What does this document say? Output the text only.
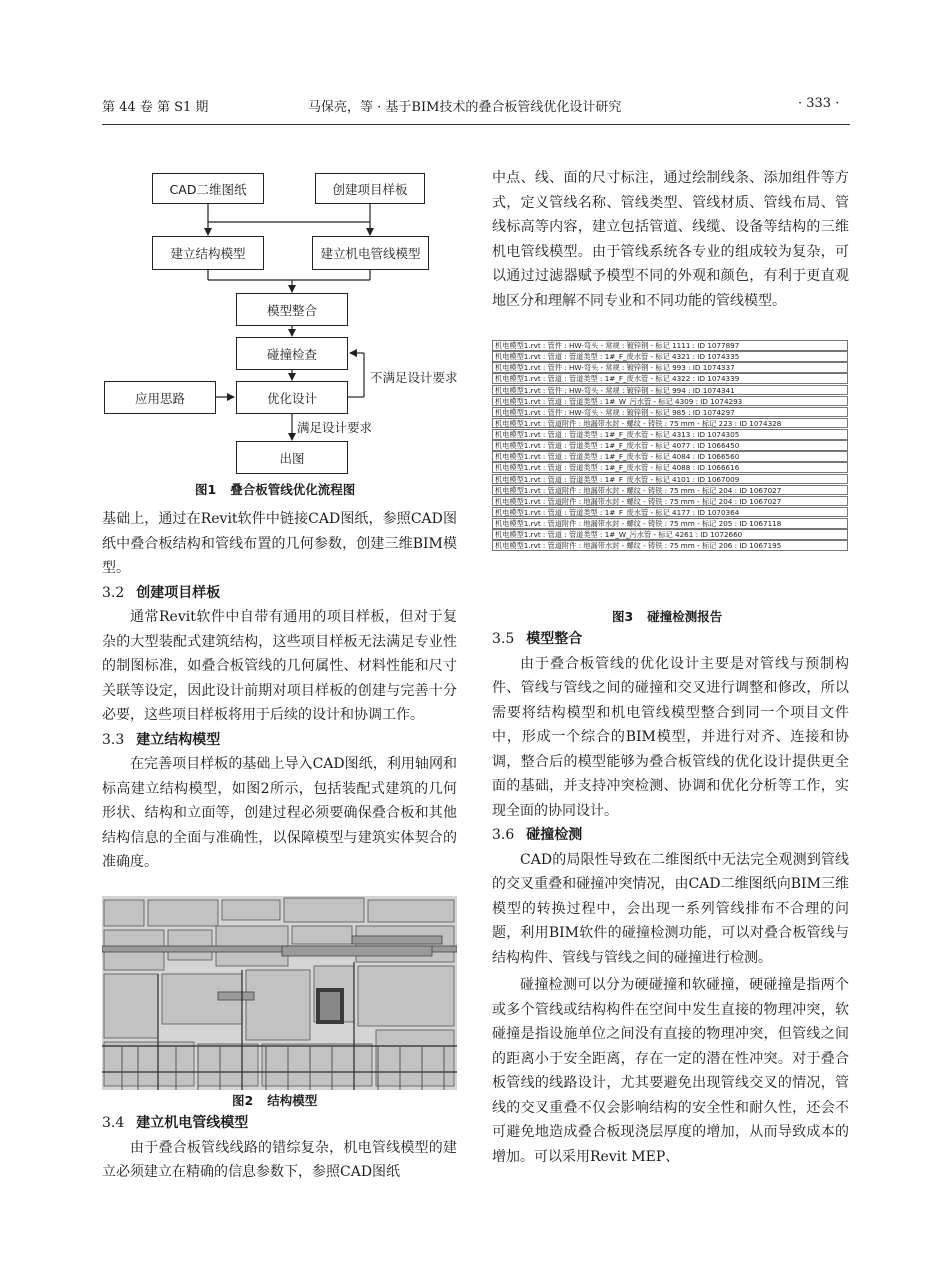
第 44 卷 第 S1 期	马保亮，等 · 基于BIM技术的叠合板管线优化设计研究	· 333 ·
CAD二维图纸	创建项目样板
建立结构模型	建立机电管线模型
模型整合
碰撞检查
优化设计
应用思路
出图
不满足设计要求
满足设计要求
图1 叠合板管线优化流程图

基础上，通过在Revit软件中链接CAD图纸，参照CAD图纸中叠合板结构和管线布置的几何参数，创建三维BIM模型。

3.2 创建项目样板

通常Revit软件中自带有通用的项目样板，但对于复杂的大型装配式建筑结构，这些项目样板无法满足专业性的制图标准，如叠合板管线的几何属性、材料性能和尺寸关联等设定，因此设计前期对项目样板的创建与完善十分必要，这些项目样板将用于后续的设计和协调工作。

3.3 建立结构模型

在完善项目样板的基础上导入CAD图纸，利用轴网和标高建立结构模型，如图2所示，包括装配式建筑的几何形状、结构和立面等，创建过程必须要确保叠合板和其他结构信息的全面与准确性，以保障模型与建筑实体契合的准确度。

图2 结构模型
3.4 建立机电管线模型

由于叠合板管线线路的错综复杂，机电管线模型的建立必须建立在精确的信息参数下，参照CAD图纸

中点、线、面的尺寸标注，通过绘制线条、添加组件等方式，定义管线名称、管线类型、管线材质、管线布局、管线标高等内容，建立包括管道、线缆、设备等结构的三维机电管线模型。由于管线系统各专业的组成较为复杂，可以通过过滤器赋予模型不同的外观和颜色，有利于更直观地区分和理解不同专业和不同功能的管线模型。

机电模型1.rvt : 管件 : HW-弯头 - 常规 : 镀锌钢 - 标记 1111 : ID 1077897
机电模型1.rvt : 管道 : 管道类型 : 1#_F_废水管 - 标记 4321 : ID 1074335
机电模型1.rvt : 管件 : HW-弯头 - 常规 : 镀锌钢 - 标记 993 : ID 1074337
机电模型1.rvt : 管道 : 管道类型 : 1#_F_废水管 - 标记 4322 : ID 1074339
机电模型1.rvt : 管件 : HW-弯头 - 常规 : 镀锌钢 - 标记 994 : ID 1074341
机电模型1.rvt : 管道 : 管道类型 : 1#_W_污水管 - 标记 4309 : ID 1074293
机电模型1.rvt : 管件 : HW-弯头 - 常规 : 镀锌钢 - 标记 985 : ID 1074297
机电模型1.rvt : 管道附件 : 地漏带水封 - 螺纹 - 铸铁 : 75 mm - 标记 223 : ID 1074328
机电模型1.rvt : 管道 : 管道类型 : 1#_F_废水管 - 标记 4313 : ID 1074305
机电模型1.rvt : 管道 : 管道类型 : 1#_F_废水管 - 标记 4077 : ID 1066450
机电模型1.rvt : 管道 : 管道类型 : 1#_F_废水管 - 标记 4084 : ID 1066560
机电模型1.rvt : 管道 : 管道类型 : 1#_F_废水管 - 标记 4088 : ID 1066616
机电模型1.rvt : 管道 : 管道类型 : 1#_F_废水管 - 标记 4101 : ID 1067009
机电模型1.rvt : 管道附件 : 地漏带水封 - 螺纹 - 铸铁 : 75 mm - 标记 204 : ID 1067027
机电模型1.rvt : 管道附件 : 地漏带水封 - 螺纹 - 铸铁 : 75 mm - 标记 204 : ID 1067027
机电模型1.rvt : 管道 : 管道类型 : 1#_F_废水管 - 标记 4177 : ID 1070364
机电模型1.rvt : 管道附件 : 地漏带水封 - 螺纹 - 铸铁 : 75 mm - 标记 205 : ID 1067118
机电模型1.rvt : 管道 : 管道类型 : 1#_W_污水管 - 标记 4261 : ID 1072660
机电模型1.rvt : 管道附件 : 地漏带水封 - 螺纹 - 铸铁 : 75 mm - 标记 206 : ID 1067195
图3 碰撞检测报告
3.5 模型整合

由于叠合板管线的优化设计主要是对管线与预制构件、管线与管线之间的碰撞和交叉进行调整和修改，所以需要将结构模型和机电管线模型整合到同一个项目文件中，形成一个综合的BIM模型，并进行对齐、连接和协调，整合后的模型能够为叠合板管线的优化设计提供更全面的基础，并支持冲突检测、协调和优化分析等工作，实现全面的协同设计。

3.6 碰撞检测

CAD的局限性导致在二维图纸中无法完全观测到管线的交叉重叠和碰撞冲突情况，由CAD二维图纸向BIM三维模型的转换过程中，会出现一系列管线排布不合理的问题，利用BIM软件的碰撞检测功能，可以对叠合板管线与结构构件、管线与管线之间的碰撞进行检测。

碰撞检测可以分为硬碰撞和软碰撞，硬碰撞是指两个或多个管线或结构构件在空间中发生直接的物理冲突，软碰撞是指设施单位之间没有直接的物理冲突，但管线之间的距离小于安全距离，存在一定的潜在性冲突。对于叠合板管线的线路设计，尤其要避免出现管线交叉的情况，管线的交叉重叠不仅会影响结构的安全性和耐久性，还会不可避免地造成叠合板现浇层厚度的增加，从而导致成本的增加。可以采用Revit MEP、
